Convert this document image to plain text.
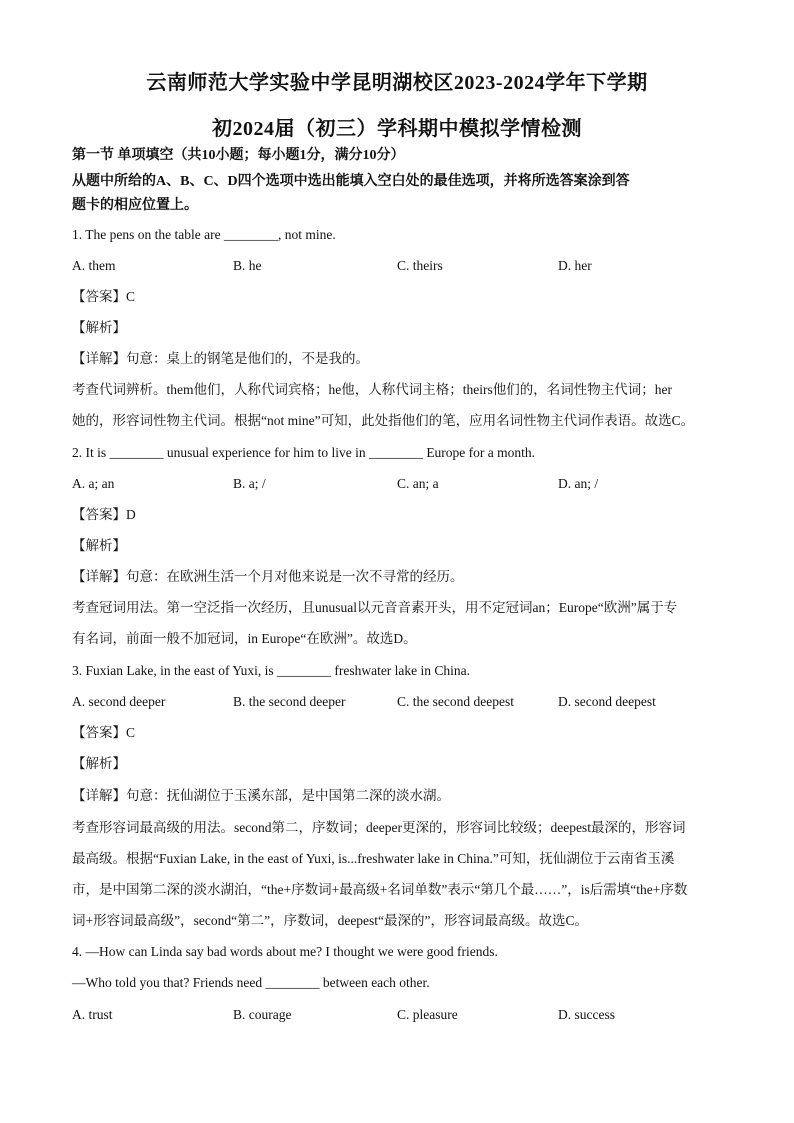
云南师范大学实验中学昆明湖校区2023-2024学年下学期
初2024届（初三）学科期中模拟学情检测
第一节 单项填空（共10小题；每小题1分，满分10分）
从题中所给的A、B、C、D四个选项中选出能填入空白处的最佳选项，并将所选答案涂到答
题卡的相应位置上。
1. The pens on the table are ________, not mine.
A. them	B. he	C. theirs	D. her
【答案】C
【解析】
【详解】句意：桌上的钢笔是他们的，不是我的。
考查代词辨析。them他们，人称代词宾格；he他，人称代词主格；theirs他们的，名词性物主代词；her
她的，形容词性物主代词。根据“not mine”可知，此处指他们的笔，应用名词性物主代词作表语。故选C。
2. It is ________ unusual experience for him to live in ________ Europe for a month.
A. a; an	B. a; /	C. an; a	D. an; /
【答案】D
【解析】
【详解】句意：在欧洲生活一个月对他来说是一次不寻常的经历。
考查冠词用法。第一空泛指一次经历，且unusual以元音音素开头，用不定冠词an；Europe“欧洲”属于专
有名词，前面一般不加冠词，in Europe“在欧洲”。故选D。
3. Fuxian Lake, in the east of Yuxi, is ________ freshwater lake in China.
A. second deeper	B. the second deeper	C. the second deepest	D. second deepest
【答案】C
【解析】
【详解】句意：抚仙湖位于玉溪东部，是中国第二深的淡水湖。
考查形容词最高级的用法。second第二，序数词；deeper更深的，形容词比较级；deepest最深的，形容词
最高级。根据“Fuxian Lake, in the east of Yuxi, is...freshwater lake in China.”可知，抚仙湖位于云南省玉溪
市，是中国第二深的淡水湖泊，“the+序数词+最高级+名词单数”表示“第几个最……”，is后需填“the+序数
词+形容词最高级”，second“第二”，序数词，deepest“最深的”，形容词最高级。故选C。
4. —How can Linda say bad words about me? I thought we were good friends.
—Who told you that? Friends need ________ between each other.
A. trust	B. courage	C. pleasure	D. success
